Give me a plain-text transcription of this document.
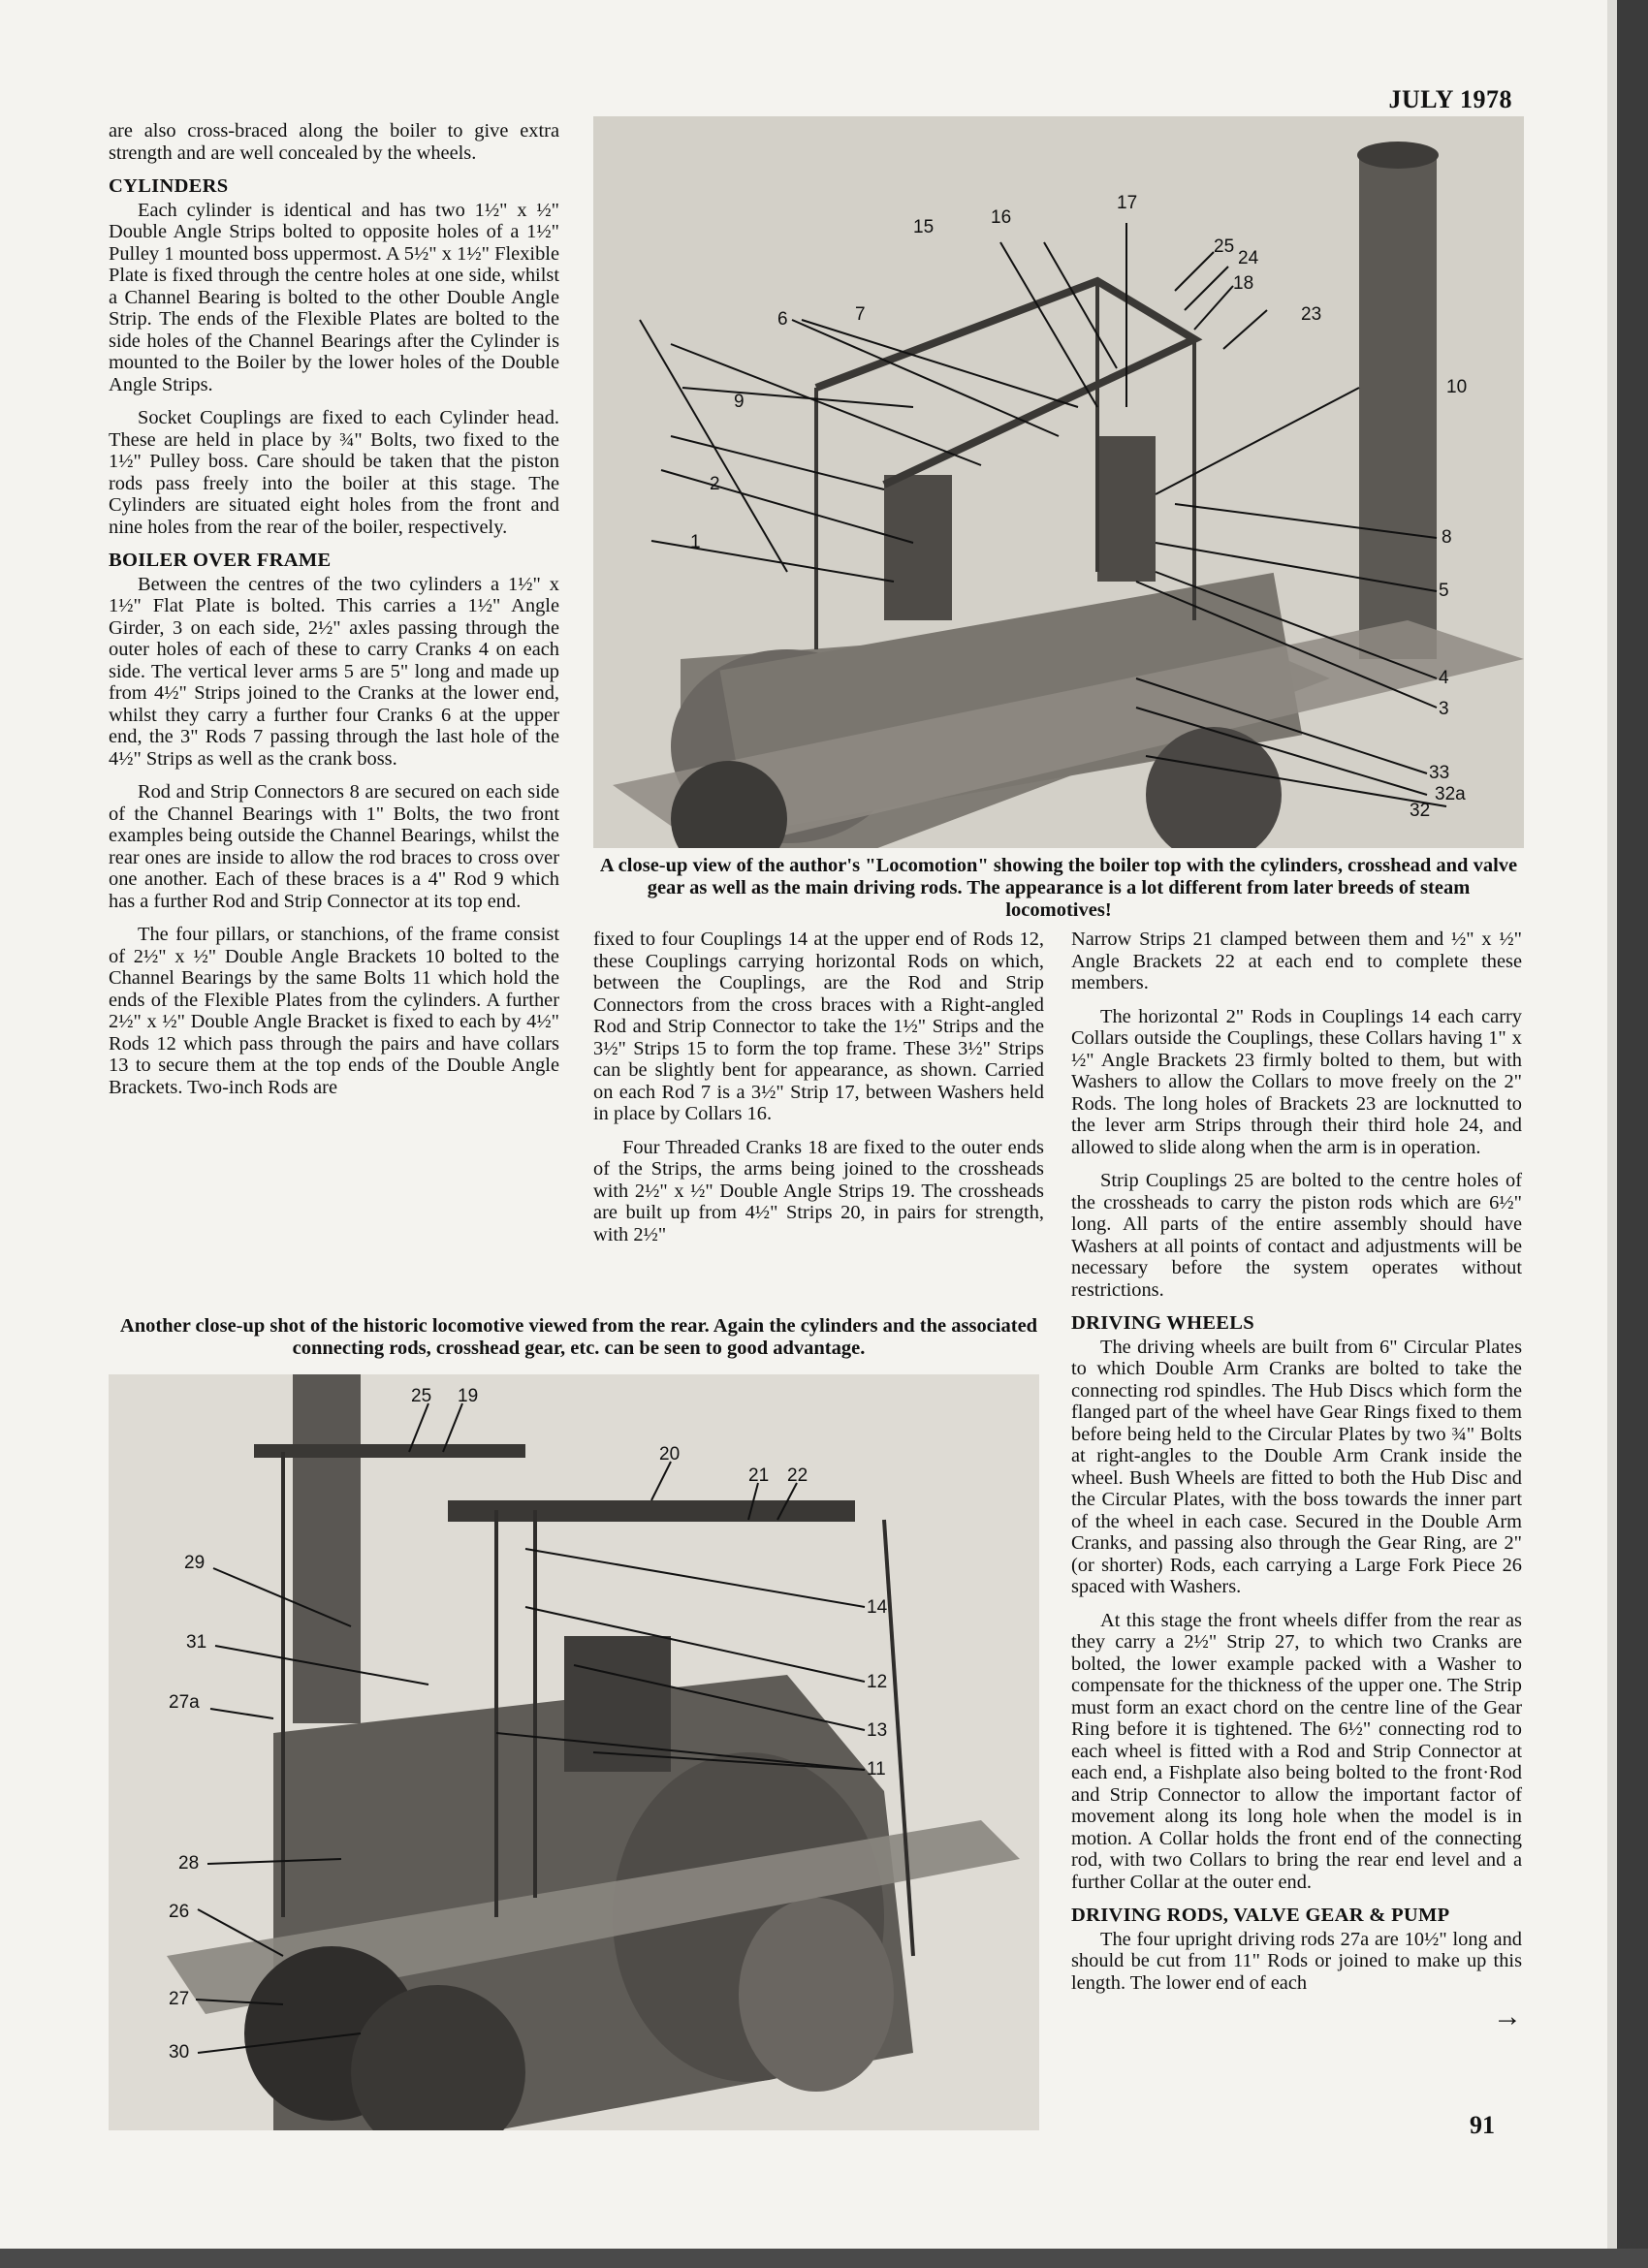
JULY 1978

are also cross-braced along the boiler to give extra strength and are well concealed by the wheels.

CYLINDERS

Each cylinder is identical and has two 1½" x ½" Double Angle Strips bolted to opposite holes of a 1½" Pulley 1 mounted boss uppermost. A 5½" x 1½" Flexible Plate is fixed through the centre holes at one side, whilst a Channel Bearing is bolted to the other Double Angle Strip. The ends of the Flexible Plates are bolted to the side holes of the Channel Bearings after the Cylinder is mounted to the Boiler by the lower holes of the Double Angle Strips.

Socket Couplings are fixed to each Cylinder head. These are held in place by ¾" Bolts, two fixed to the 1½" Pulley boss. Care should be taken that the piston rods pass freely into the boiler at this stage. The Cylinders are situated eight holes from the front and nine holes from the rear of the boiler, respectively.

BOILER OVER FRAME

Between the centres of the two cylinders a 1½" x 1½" Flat Plate is bolted. This carries a 1½" Angle Girder, 3 on each side, 2½" axles passing through the outer holes of each of these to carry Cranks 4 on each side. The vertical lever arms 5 are 5" long and made up from 4½" Strips joined to the Cranks at the lower end, whilst they carry a further four Cranks 6 at the upper end, the 3" Rods 7 passing through the last hole of the 4½" Strips as well as the crank boss.

Rod and Strip Connectors 8 are secured on each side of the Channel Bearings with 1" Bolts, the two front examples being outside the Channel Bearings, whilst the rear ones are inside to allow the rod braces to cross over one another. Each of these braces is a 4" Rod 9 which has a further Rod and Strip Connector at its top end.

The four pillars, or stanchions, of the frame consist of 2½" x ½" Double Angle Brackets 10 bolted to the Channel Bearings by the same Bolts 11 which hold the ends of the Flexible Plates from the cylinders. A further 2½" x ½" Double Angle Bracket is fixed to each by 4½" Rods 12 which pass through the pairs and have collars 13 to secure them at the top ends of the Double Angle Brackets. Two-inch Rods are

15	16
17
25
24
18
23
6	7
10
9
2
1	8
5
4
3
33
32a
32
A close-up view of the author's "Locomotion" showing the boiler top with the cylinders, crosshead and valve gear as well as the main driving rods. The appearance is a lot different from later breeds of steam locomotives!

fixed to four Couplings 14 at the upper end of Rods 12, these Couplings carrying horizontal Rods on which, between the Couplings, are the Rod and Strip Connectors from the cross braces with a Right-angled Rod and Strip Connector to take the 1½" Strips and the 3½" Strips 15 to form the top frame. These 3½" Strips can be slightly bent for appearance, as shown. Carried on each Rod 7 is a 3½" Strip 17, between Washers held in place by Collars 16.

Four Threaded Cranks 18 are fixed to the outer ends of the Strips, the arms being joined to the crossheads with 2½" x ½" Double Angle Strips 19. The crossheads are built up from 4½" Strips 20, in pairs for strength, with 2½"

Narrow Strips 21 clamped between them and ½" x ½" Angle Brackets 22 at each end to complete these members.

The horizontal 2" Rods in Couplings 14 each carry Collars outside the Couplings, these Collars having 1" x ½" Angle Brackets 23 firmly bolted to them, but with Washers to allow the Collars to move freely on the 2" Rods. The long holes of Brackets 23 are locknutted to the lever arm Strips through their third hole 24, and allowed to slide along when the arm is in operation.

Strip Couplings 25 are bolted to the centre holes of the crossheads to carry the piston rods which are 6½" long. All parts of the entire assembly should have Washers at all points of contact and adjustments will be necessary before the system operates without restrictions.

DRIVING WHEELS

The driving wheels are built from 6" Circular Plates to which Double Arm Cranks are bolted to take the connecting rod spindles. The Hub Discs which form the flanged part of the wheel have Gear Rings fixed to them before being held to the Circular Plates by two ¾" Bolts at right-angles to the Double Arm Crank inside the wheel. Bush Wheels are fitted to both the Hub Disc and the Circular Plates, with the boss towards the inner part of the wheel in each case. Secured in the Double Arm Cranks, and passing also through the Gear Ring, are 2" (or shorter) Rods, each carrying a Large Fork Piece 26 spaced with Washers.

At this stage the front wheels differ from the rear as they carry a 2½" Strip 27, to which two Cranks are bolted, the lower example packed with a Washer to compensate for the thickness of the upper one. The Strip must form an exact chord on the centre line of the Gear Ring before it is tightened. The 6½" connecting rod to each wheel is fitted with a Rod and Strip Connector at each end, a Fishplate also being bolted to the front·Rod and Strip Connector to allow the important factor of movement along its long hole when the model is in motion. A Collar holds the front end of the connecting rod, with two Collars to bring the rear end level and a further Collar at the outer end.

DRIVING RODS, VALVE GEAR & PUMP

The four upright driving rods 27a are 10½" long and should be cut from 11" Rods or joined to make up this length. The lower end of each

→
Another close-up shot of the historic locomotive viewed from the rear. Again the cylinders and the associated connecting rods, crosshead gear, etc. can be seen to good advantage.
25 19
20
21 22
29
14
31
12
27a
13
11
28
26
27
30
91
